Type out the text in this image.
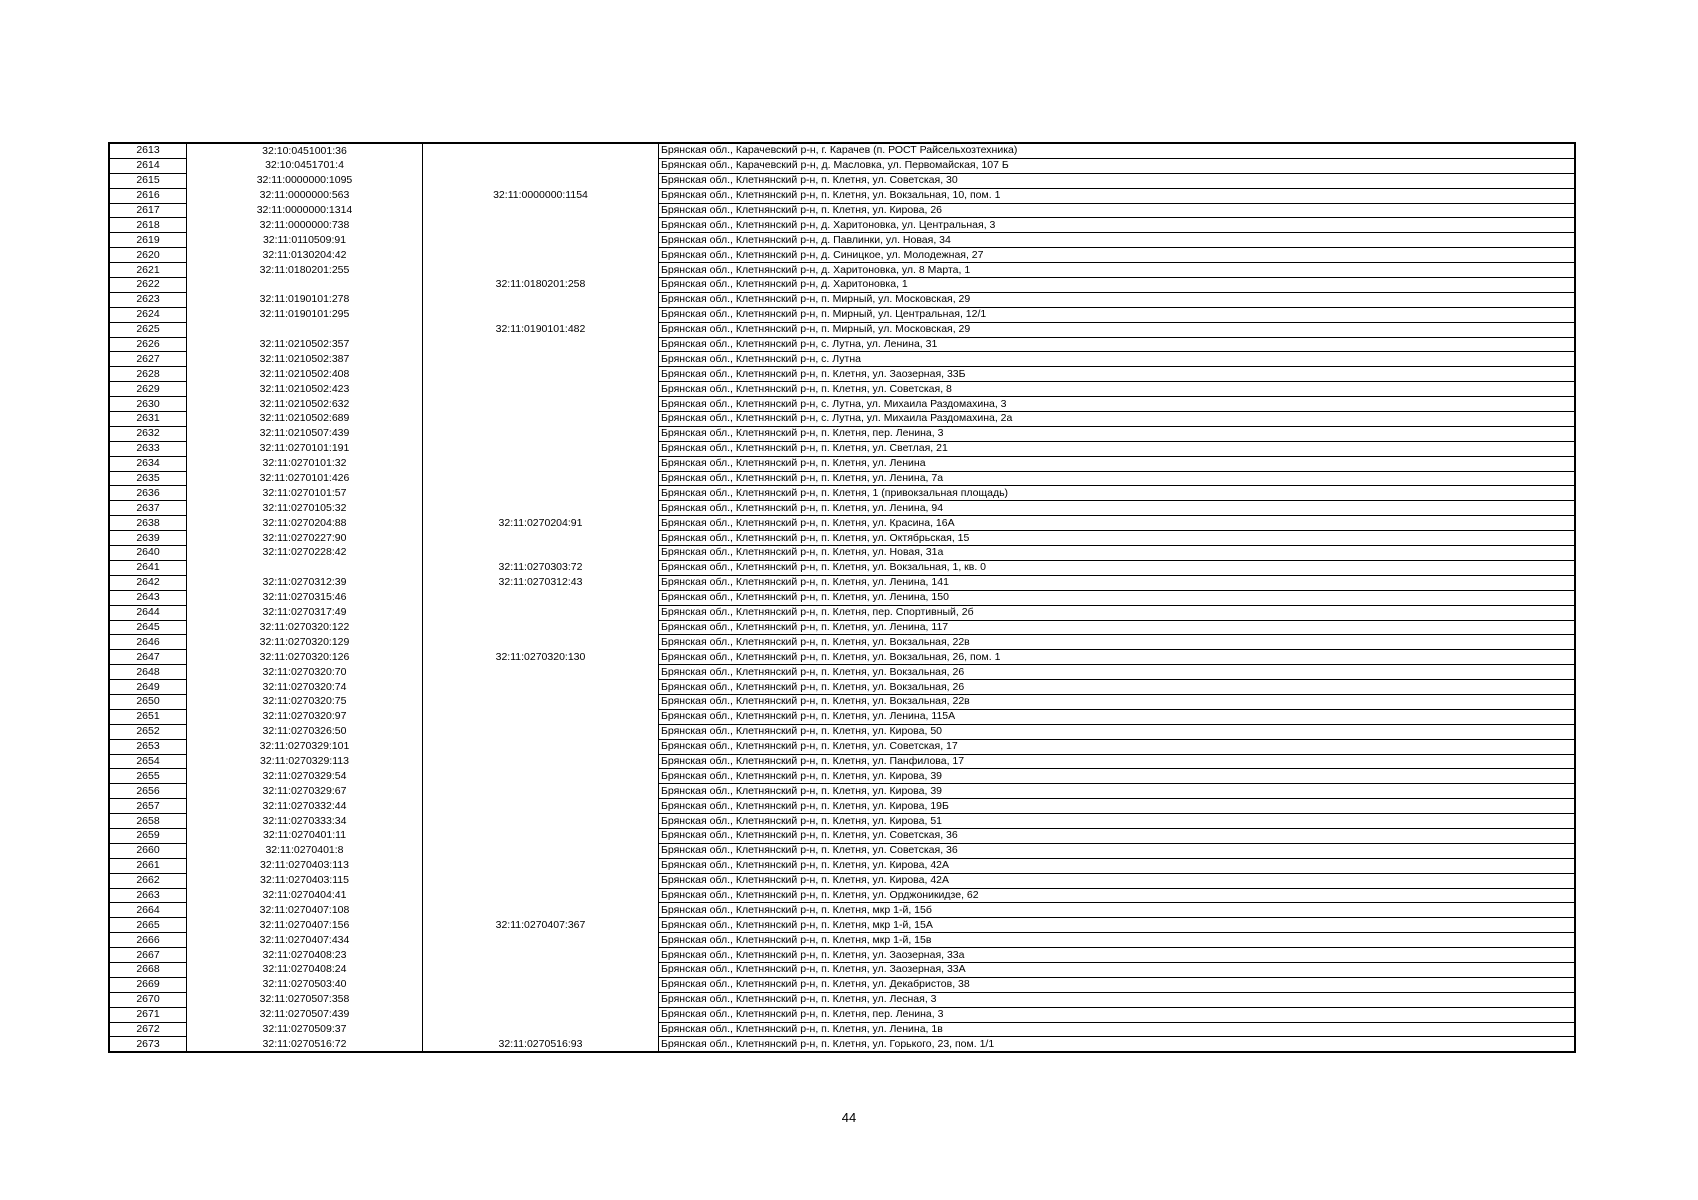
2613	32:10:0451001:36		Брянская обл., Карачевский р-н, г. Карачев (п. РОСТ Райсельхозтехника)
2614	32:10:0451701:4		Брянская обл., Карачевский р-н, д. Масловка, ул. Первомайская, 107 Б
2615	32:11:0000000:1095		Брянская обл., Клетнянский р-н, п. Клетня, ул. Советская, 30
2616	32:11:0000000:563	32:11:0000000:1154	Брянская обл., Клетнянский р-н, п. Клетня, ул. Вокзальная, 10, пом. 1
2617	32:11:0000000:1314		Брянская обл., Клетнянский р-н, п. Клетня, ул. Кирова, 26
2618	32:11:0000000:738		Брянская обл., Клетнянский р-н, д. Харитоновка, ул. Центральная, 3
2619	32:11:0110509:91		Брянская обл., Клетнянский р-н, д. Павлинки, ул. Новая, 34
2620	32:11:0130204:42		Брянская обл., Клетнянский р-н, д. Синицкое, ул. Молодежная, 27
2621	32:11:0180201:255		Брянская обл., Клетнянский р-н, д. Харитоновка, ул. 8 Марта, 1
2622		32:11:0180201:258	Брянская обл., Клетнянский р-н, д. Харитоновка, 1
2623	32:11:0190101:278		Брянская обл., Клетнянский р-н, п. Мирный, ул. Московская, 29
2624	32:11:0190101:295		Брянская обл., Клетнянский р-н, п. Мирный, ул. Центральная, 12/1
2625		32:11:0190101:482	Брянская обл., Клетнянский р-н, п. Мирный, ул. Московская, 29
2626	32:11:0210502:357		Брянская обл., Клетнянский р-н, с. Лутна, ул. Ленина, 31
2627	32:11:0210502:387		Брянская обл., Клетнянский р-н, с. Лутна
2628	32:11:0210502:408		Брянская обл., Клетнянский р-н, п. Клетня, ул. Заозерная, 33Б
2629	32:11:0210502:423		Брянская обл., Клетнянский р-н, п. Клетня, ул. Советская, 8
2630	32:11:0210502:632		Брянская обл., Клетнянский р-н, с. Лутна, ул. Михаила Раздомахина, 3
2631	32:11:0210502:689		Брянская обл., Клетнянский р-н, с. Лутна, ул. Михаила Раздомахина, 2а
2632	32:11:0210507:439		Брянская обл., Клетнянский р-н, п. Клетня, пер. Ленина, 3
2633	32:11:0270101:191		Брянская обл., Клетнянский р-н, п. Клетня, ул. Светлая, 21
2634	32:11:0270101:32		Брянская обл., Клетнянский р-н, п. Клетня, ул. Ленина
2635	32:11:0270101:426		Брянская обл., Клетнянский р-н, п. Клетня, ул. Ленина, 7а
2636	32:11:0270101:57		Брянская обл., Клетнянский р-н, п. Клетня, 1 (привокзальная площадь)
2637	32:11:0270105:32		Брянская обл., Клетнянский р-н, п. Клетня, ул. Ленина, 94
2638	32:11:0270204:88	32:11:0270204:91	Брянская обл., Клетнянский р-н, п. Клетня, ул. Красина, 16А
2639	32:11:0270227:90		Брянская обл., Клетнянский р-н, п. Клетня, ул. Октябрьская, 15
2640	32:11:0270228:42		Брянская обл., Клетнянский р-н, п. Клетня, ул. Новая, 31а
2641		32:11:0270303:72	Брянская обл., Клетнянский р-н, п. Клетня, ул. Вокзальная, 1, кв. 0
2642	32:11:0270312:39	32:11:0270312:43	Брянская обл., Клетнянский р-н, п. Клетня, ул. Ленина, 141
2643	32:11:0270315:46		Брянская обл., Клетнянский р-н, п. Клетня, ул. Ленина, 150
2644	32:11:0270317:49		Брянская обл., Клетнянский р-н, п. Клетня, пер. Спортивный, 2б
2645	32:11:0270320:122		Брянская обл., Клетнянский р-н, п. Клетня, ул. Ленина, 117
2646	32:11:0270320:129		Брянская обл., Клетнянский р-н, п. Клетня, ул. Вокзальная, 22в
2647	32:11:0270320:126	32:11:0270320:130	Брянская обл., Клетнянский р-н, п. Клетня, ул. Вокзальная, 26, пом. 1
2648	32:11:0270320:70		Брянская обл., Клетнянский р-н, п. Клетня, ул. Вокзальная, 26
2649	32:11:0270320:74		Брянская обл., Клетнянский р-н, п. Клетня, ул. Вокзальная, 26
2650	32:11:0270320:75		Брянская обл., Клетнянский р-н, п. Клетня, ул. Вокзальная, 22в
2651	32:11:0270320:97		Брянская обл., Клетнянский р-н, п. Клетня, ул. Ленина, 115А
2652	32:11:0270326:50		Брянская обл., Клетнянский р-н, п. Клетня, ул. Кирова, 50
2653	32:11:0270329:101		Брянская обл., Клетнянский р-н, п. Клетня, ул. Советская, 17
2654	32:11:0270329:113		Брянская обл., Клетнянский р-н, п. Клетня, ул. Панфилова, 17
2655	32:11:0270329:54		Брянская обл., Клетнянский р-н, п. Клетня, ул. Кирова, 39
2656	32:11:0270329:67		Брянская обл., Клетнянский р-н, п. Клетня, ул. Кирова, 39
2657	32:11:0270332:44		Брянская обл., Клетнянский р-н, п. Клетня, ул. Кирова, 19Б
2658	32:11:0270333:34		Брянская обл., Клетнянский р-н, п. Клетня, ул. Кирова, 51
2659	32:11:0270401:11		Брянская обл., Клетнянский р-н, п. Клетня, ул. Советская, 36
2660	32:11:0270401:8		Брянская обл., Клетнянский р-н, п. Клетня, ул. Советская, 36
2661	32:11:0270403:113		Брянская обл., Клетнянский р-н, п. Клетня, ул. Кирова, 42А
2662	32:11:0270403:115		Брянская обл., Клетнянский р-н, п. Клетня, ул. Кирова, 42А
2663	32:11:0270404:41		Брянская обл., Клетнянский р-н, п. Клетня, ул. Орджоникидзе, 62
2664	32:11:0270407:108		Брянская обл., Клетнянский р-н, п. Клетня, мкр 1-й, 15б
2665	32:11:0270407:156	32:11:0270407:367	Брянская обл., Клетнянский р-н, п. Клетня, мкр 1-й, 15А
2666	32:11:0270407:434		Брянская обл., Клетнянский р-н, п. Клетня, мкр 1-й, 15в
2667	32:11:0270408:23		Брянская обл., Клетнянский р-н, п. Клетня, ул. Заозерная, 33а
2668	32:11:0270408:24		Брянская обл., Клетнянский р-н, п. Клетня, ул. Заозерная, 33А
2669	32:11:0270503:40		Брянская обл., Клетнянский р-н, п. Клетня, ул. Декабристов, 38
2670	32:11:0270507:358		Брянская обл., Клетнянский р-н, п. Клетня, ул. Лесная, 3
2671	32:11:0270507:439		Брянская обл., Клетнянский р-н, п. Клетня, пер. Ленина, 3
2672	32:11:0270509:37		Брянская обл., Клетнянский р-н, п. Клетня, ул. Ленина, 1в
2673	32:11:0270516:72	32:11:0270516:93	Брянская обл., Клетнянский р-н, п. Клетня, ул. Горького, 23, пом. 1/1
44
